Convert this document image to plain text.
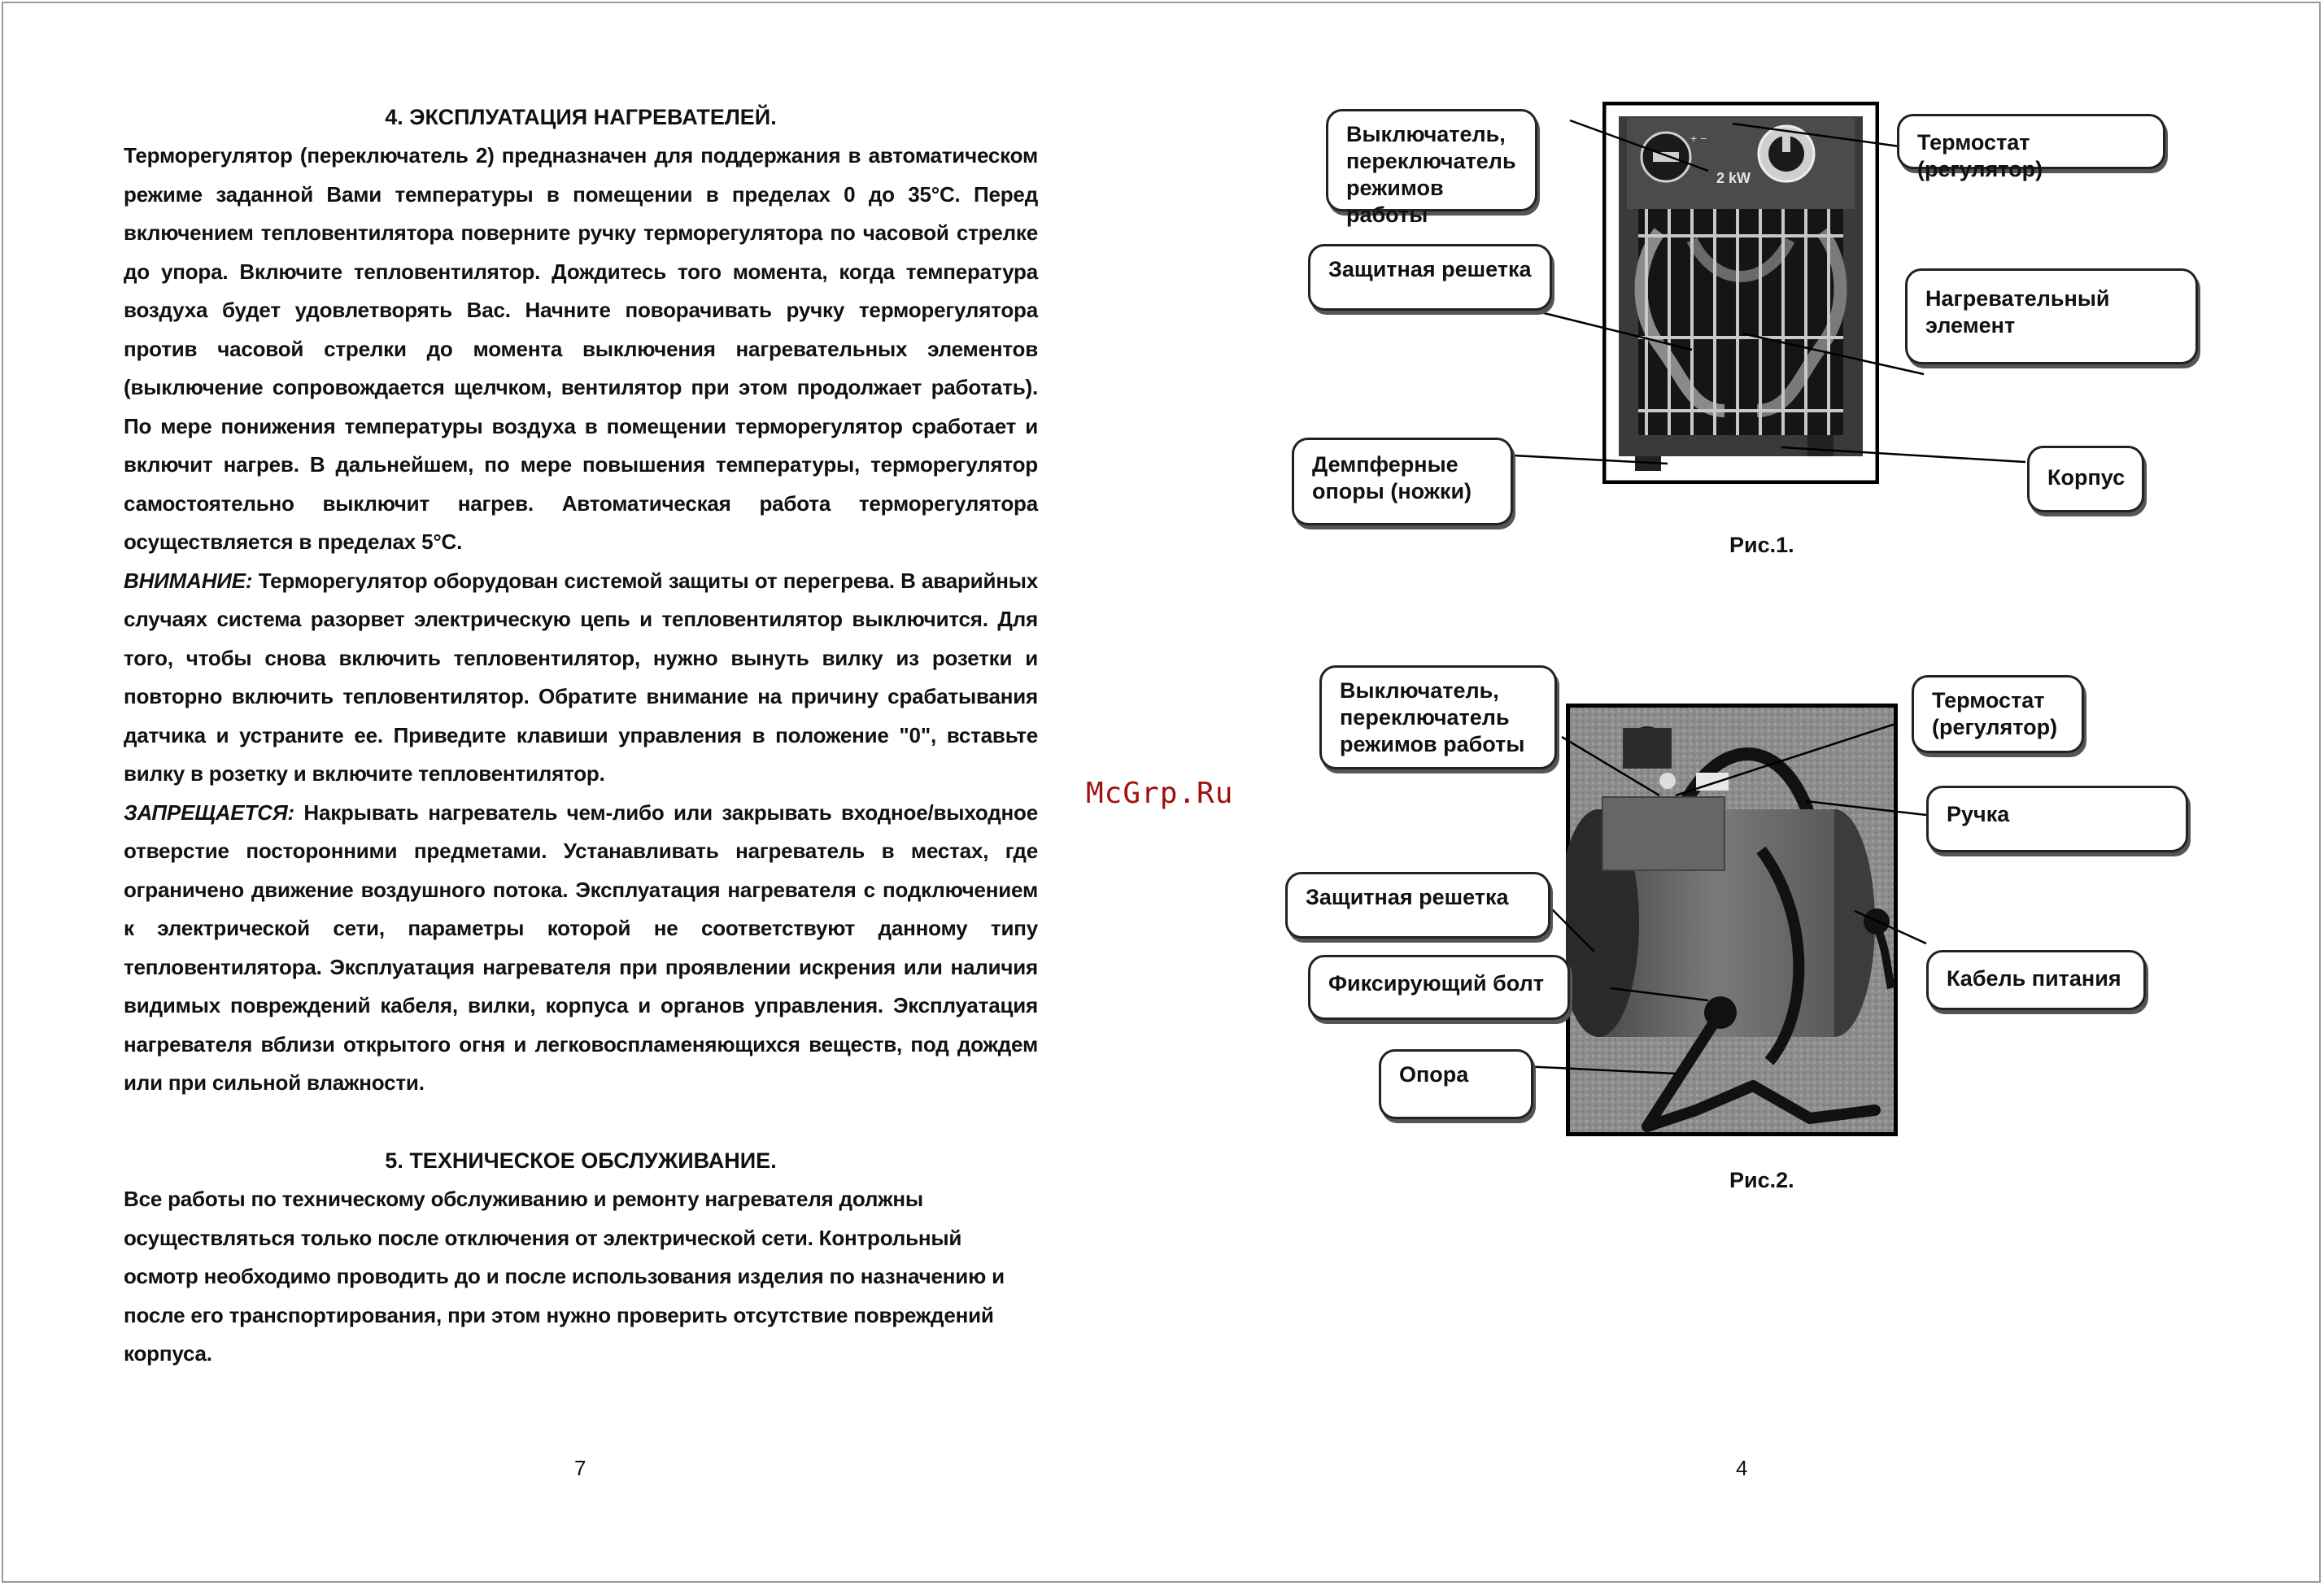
4. ЭКСПЛУАТАЦИЯ НАГРЕВАТЕЛЕЙ.

Терморегулятор (переключатель 2) предназначен для поддержания в автоматическом режиме заданной Вами температуры в помещении в пределах 0 до 35°С. Перед включением тепловентилятора поверните ручку терморегулятора по часовой стрелке до упора. Включите тепловентилятор. Дождитесь того момента, когда температура воздуха будет удовлетворять Вас. Начните поворачивать ручку терморегулятора против часовой стрелки до момента выключения нагревательных элементов (выключение сопровождается щелчком, вентилятор при этом продолжает работать). По мере понижения температуры воздуха в помещении терморегулятор сработает и включит нагрев. В дальнейшем, по мере повышения температуры, терморегулятор самостоятельно выключит нагрев. Автоматическая работа терморегулятора осуществляется в пределах 5°С.

ВНИМАНИЕ: Терморегулятор оборудован системой защиты от перегрева. В аварийных случаях система разорвет электрическую цепь и тепловентилятор выключится. Для того, чтобы снова включить тепловентилятор, нужно вынуть вилку из розетки и повторно включить тепловентилятор. Обратите внимание на причину срабатывания датчика и устраните ее. Приведите клавиши управления в положение "0", вставьте вилку в розетку и включите тепловентилятор.

ЗАПРЕЩАЕТСЯ: Накрывать нагреватель чем-либо или закрывать входное/выходное отверстие посторонними предметами. Устанавливать нагреватель в местах, где ограничено движение воздушного потока. Эксплуатация нагревателя с подключением к электрической сети, параметры которой не соответствуют данному типу тепловентилятора. Эксплуатация нагревателя при проявлении искрения или наличия видимых повреждений кабеля, вилки, корпуса и органов управления. Эксплуатация нагревателя вблизи открытого огня и легковоспламеняющихся веществ, под дождем или при сильной влажности.

5. ТЕХНИЧЕСКОЕ ОБСЛУЖИВАНИЕ.

Все работы по техническому обслуживанию и ремонту нагревателя должны

осуществляться только после отключения от электрической сети. Контрольный

осмотр необходимо проводить до и после использования изделия по назначению и

после его транспортирования, при этом нужно проверить отсутствие повреждений

корпуса.

7
McGrp.Ru
+ −
2 kW
Выключатель,
переключатель
режимов работы
Термостат (регулятор)
Защитная решетка
Нагревательный
элемент
Демпферные
опоры (ножки)
Корпус
Рис.1.
Выключатель,
переключатель
режимов работы
Термостат
(регулятор)
Ручка
Защитная решетка
Фиксирующий болт	Кабель питания
Опора
Рис.2.
4
